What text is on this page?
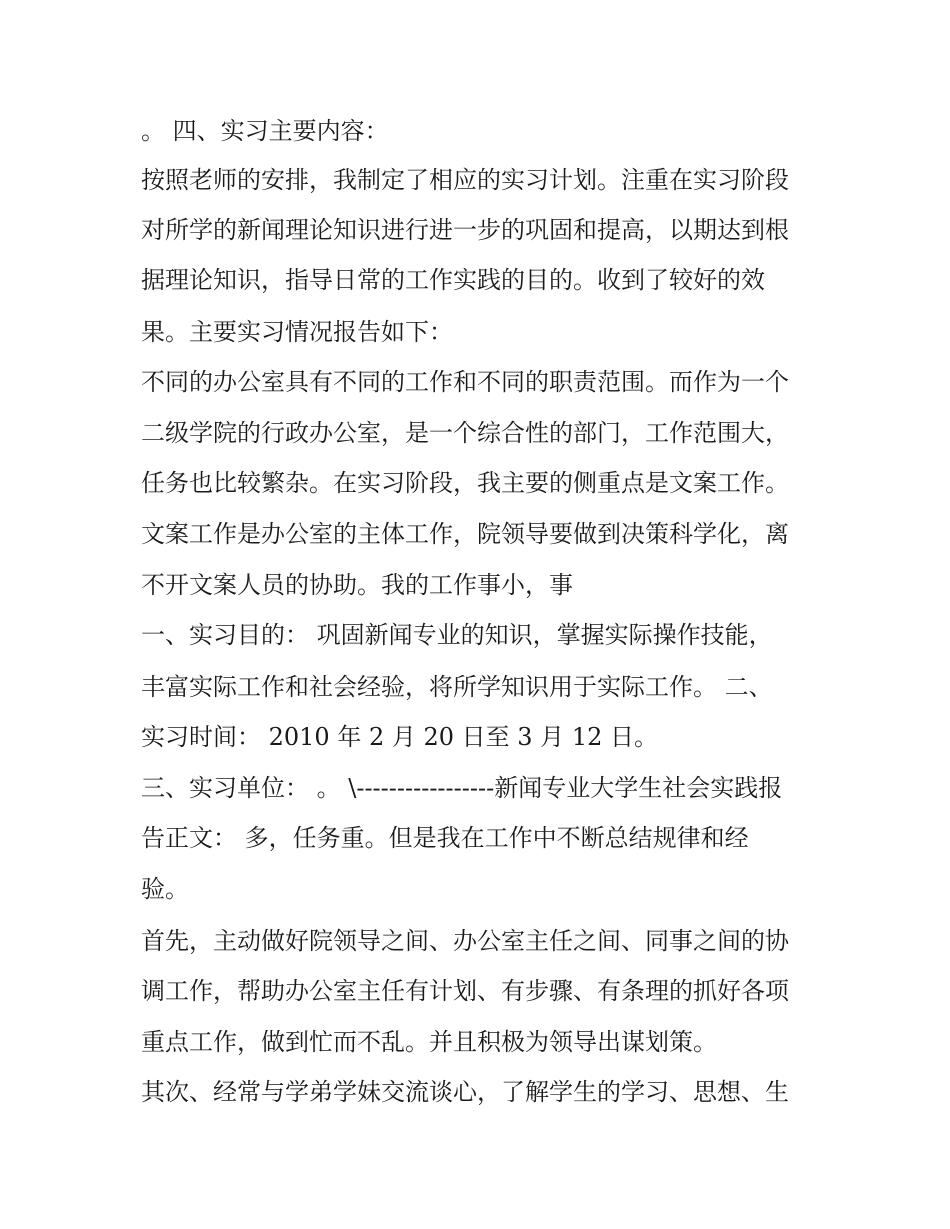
。 四、实习主要内容：
按照老师的安排，我制定了相应的实习计划。注重在实习阶段
对所学的新闻理论知识进行进一步的巩固和提高，以期达到根
据理论知识，指导日常的工作实践的目的。收到了较好的效
果。主要实习情况报告如下：
不同的办公室具有不同的工作和不同的职责范围。而作为一个
二级学院的行政办公室，是一个综合性的部门，工作范围大，
任务也比较繁杂。在实习阶段，我主要的侧重点是文案工作。
文案工作是办公室的主体工作，院领导要做到决策科学化，离
不开文案人员的协助。我的工作事小，事
一、实习目的： 巩固新闻专业的知识，掌握实际操作技能，
丰富实际工作和社会经验，将所学知识用于实际工作。 二、
实习时间： 2010 年 2 月 20 日至 3 月 12 日。
三、实习单位： 。 \-----------------新闻专业大学生社会实践报
告正文： 多，任务重。但是我在工作中不断总结规律和经
验。
首先，主动做好院领导之间、办公室主任之间、同事之间的协
调工作，帮助办公室主任有计划、有步骤、有条理的抓好各项
重点工作，做到忙而不乱。并且积极为领导出谋划策。
其次、经常与学弟学妹交流谈心，了解学生的学习、思想、生
